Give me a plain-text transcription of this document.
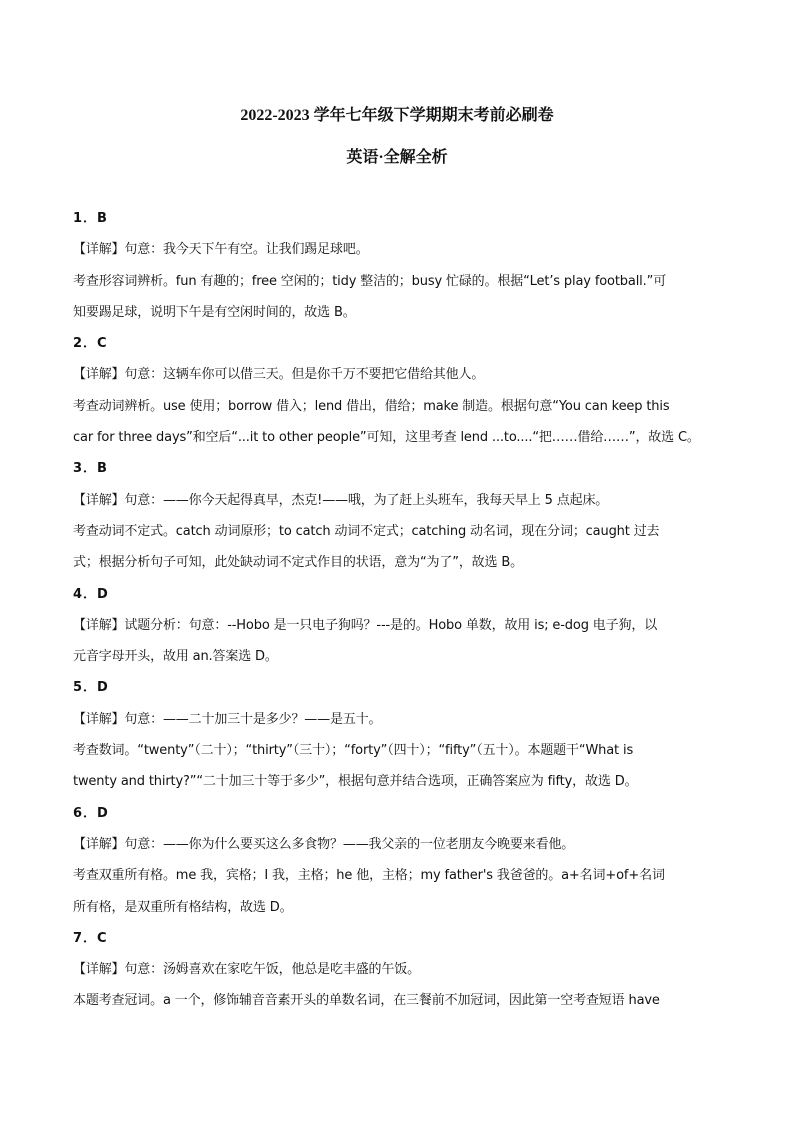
2022-2023 学年七年级下学期期末考前必刷卷
英语·全解全析
1．B
【详解】句意：我今天下午有空。让我们踢足球吧。
考查形容词辨析。fun 有趣的；free 空闲的；tidy 整洁的；busy 忙碌的。根据“Let’s play football.”可
知要踢足球，说明下午是有空闲时间的，故选 B。
2．C
【详解】句意：这辆车你可以借三天。但是你千万不要把它借给其他人。
考查动词辨析。use 使用；borrow 借入；lend 借出，借给；make 制造。根据句意“You can keep this
car for three days”和空后“...it to other people”可知，这里考查 lend ...to....“把……借给……”，故选 C。
3．B
【详解】句意：——你今天起得真早，杰克!——哦，为了赶上头班车，我每天早上 5 点起床。
考查动词不定式。catch 动词原形；to catch 动词不定式；catching 动名词，现在分词；caught 过去
式；根据分析句子可知，此处缺动词不定式作目的状语，意为“为了”，故选 B。
4．D
【详解】试题分析：句意：--Hobo 是一只电子狗吗？---是的。Hobo 单数，故用 is; e-dog 电子狗，以
元音字母开头，故用 an.答案选 D。
5．D
【详解】句意：——二十加三十是多少？——是五十。
考查数词。“twenty”（二十）；“thirty”（三十）；“forty”（四十）；“fifty”（五十）。本题题干“What is
twenty and thirty?”“二十加三十等于多少”，根据句意并结合选项，正确答案应为 fifty，故选 D。
6．D
【详解】句意：——你为什么要买这么多食物？——我父亲的一位老朋友今晚要来看他。
考查双重所有格。me 我，宾格；I 我，主格；he 他，主格；my father's 我爸爸的。a+名词+of+名词
所有格，是双重所有格结构，故选 D。
7．C
【详解】句意：汤姆喜欢在家吃午饭，他总是吃丰盛的午饭。
本题考查冠词。a 一个，修饰辅音音素开头的单数名词，在三餐前不加冠词，因此第一空考查短语 have
